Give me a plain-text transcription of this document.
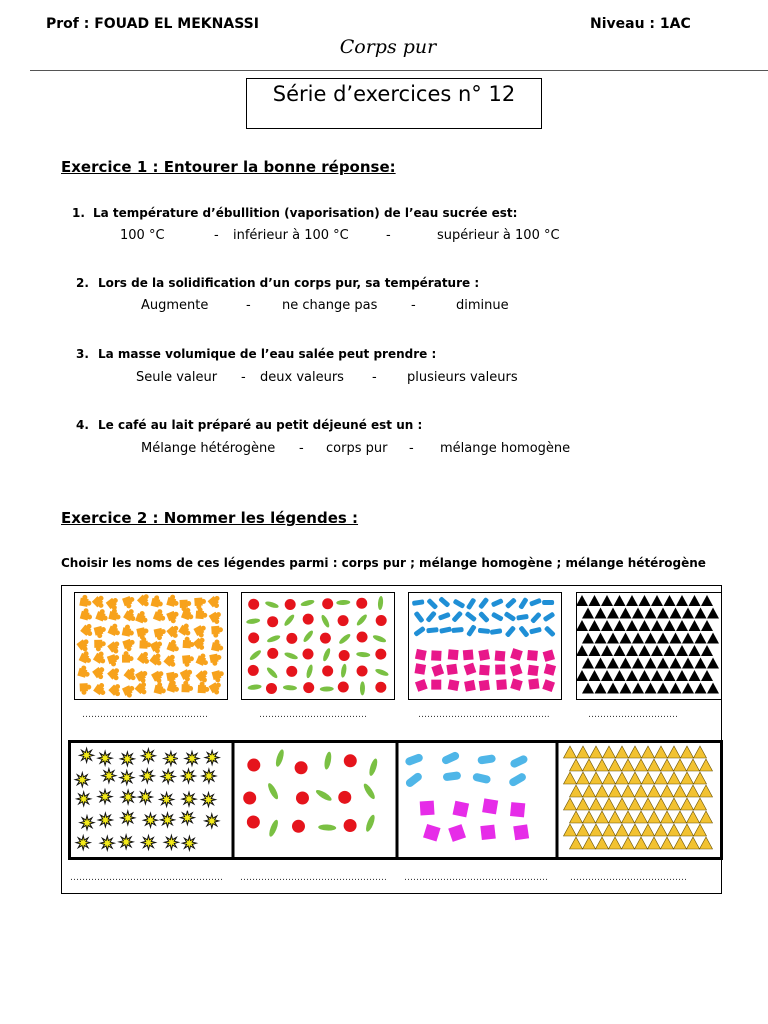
Prof : FOUAD EL MEKNASSI	Niveau : 1AC
Corps pur
Série d’exercices n° 12
Exercice 1 : Entourer la bonne réponse:
1. La température d’ébullition (vaporisation) de l’eau sucrée est:
100 °C	- inférieur à 100 °C	-	supérieur à 100 °C
2. Lors de la solidification d’un corps pur, sa température :
Augmente	- ne change pas	-	diminue
3. La masse volumique de l’eau salée peut prendre :
Seule valeur - deux valeurs - plusieurs valeurs
4. Le café au lait préparé au petit déjeuné est un :
Mélange hétérogène - corps pur - mélange homogène
Exercice 2 : Nommer les légendes :
Choisir les noms de ces légendes parmi : corps pur ; mélange homogène ; mélange hétérogène
……………………………………	………………………………	……………………………………..	…………………………
…………………………………………… …………………………………………. ………………………………………… …………………………………
